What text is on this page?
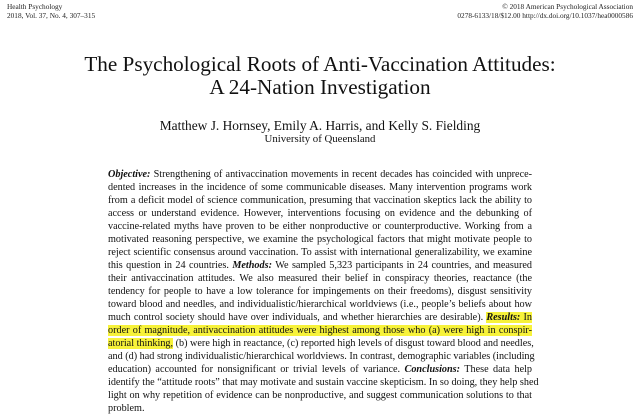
Health Psychology
2018, Vol. 37, No. 4, 307–315
© 2018 American Psychological Association
0278-6133/18/$12.00 http://dx.doi.org/10.1037/hea0000586
The Psychological Roots of Anti-Vaccination Attitudes:
A 24-Nation Investigation
Matthew J. Hornsey, Emily A. Harris, and Kelly S. Fielding
University of Queensland
Objective: Strengthening of antivaccination movements in recent decades has coincided with unprece-
dented increases in the incidence of some communicable diseases. Many intervention programs work
from a deficit model of science communication, presuming that vaccination skeptics lack the ability to
access or understand evidence. However, interventions focusing on evidence and the debunking of
vaccine-related myths have proven to be either nonproductive or counterproductive. Working from a
motivated reasoning perspective, we examine the psychological factors that might motivate people to
reject scientific consensus around vaccination. To assist with international generalizability, we examine
this question in 24 countries. Methods: We sampled 5,323 participants in 24 countries, and measured
their antivaccination attitudes. We also measured their belief in conspiracy theories, reactance (the
tendency for people to have a low tolerance for impingements on their freedoms), disgust sensitivity
toward blood and needles, and individualistic/hierarchical worldviews (i.e., people’s beliefs about how
much control society should have over individuals, and whether hierarchies are desirable). Results: In
order of magnitude, antivaccination attitudes were highest among those who (a) were high in conspir-
atorial thinking, (b) were high in reactance, (c) reported high levels of disgust toward blood and needles,
and (d) had strong individualistic/hierarchical worldviews. In contrast, demographic variables (including
education) accounted for nonsignificant or trivial levels of variance. Conclusions: These data help
identify the “attitude roots” that may motivate and sustain vaccine skepticism. In so doing, they help shed
light on why repetition of evidence can be nonproductive, and suggest communication solutions to that
problem.
